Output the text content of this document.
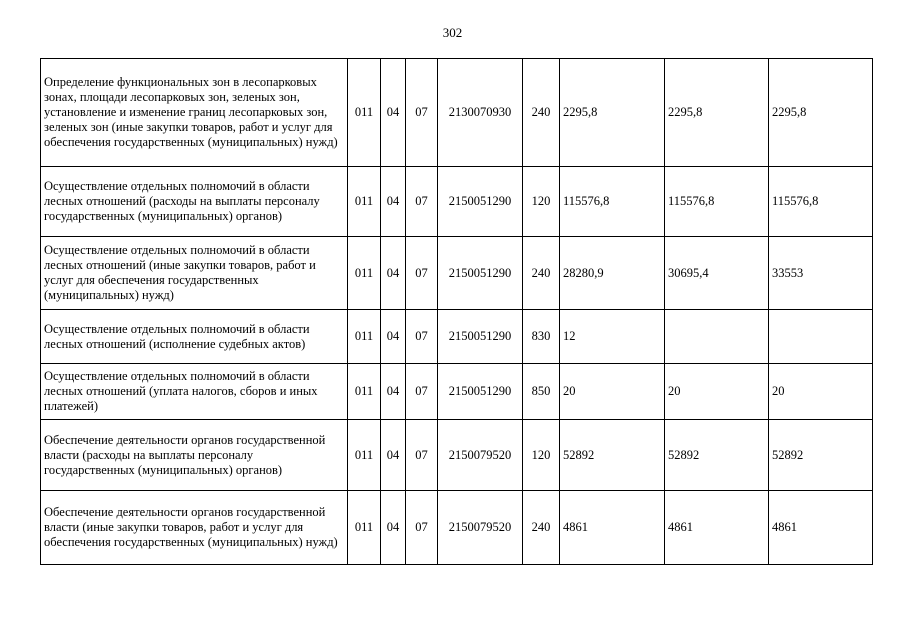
302
Определение функциональных зон в лесопарковых зонах, площади лесопарковых зон, зеленых зон, установление и изменение границ лесопарковых зон, зеленых зон (иные закупки товаров, работ и услуг для обеспечения государственных (муниципальных) нужд)	011	04	07	2130070930	240	2295,8	2295,8	2295,8
Осуществление отдельных полномочий в области лесных отношений (расходы на выплаты персоналу государственных (муниципальных) органов)	011	04	07	2150051290	120	115576,8	115576,8	115576,8
Осуществление отдельных полномочий в области лесных отношений (иные закупки товаров, работ и услуг для обеспечения государственных (муниципальных) нужд)	011	04	07	2150051290	240	28280,9	30695,4	33553
Осуществление отдельных полномочий в области лесных отношений (исполнение судебных актов)	011	04	07	2150051290	830	12		
Осуществление отдельных полномочий в области лесных отношений (уплата налогов, сборов и иных платежей)	011	04	07	2150051290	850	20	20	20
Обеспечение деятельности органов государственной власти (расходы на выплаты персоналу государственных (муниципальных) органов)	011	04	07	2150079520	120	52892	52892	52892
Обеспечение деятельности органов государственной власти (иные закупки товаров, работ и услуг для обеспечения государственных (муниципальных) нужд)	011	04	07	2150079520	240	4861	4861	4861
